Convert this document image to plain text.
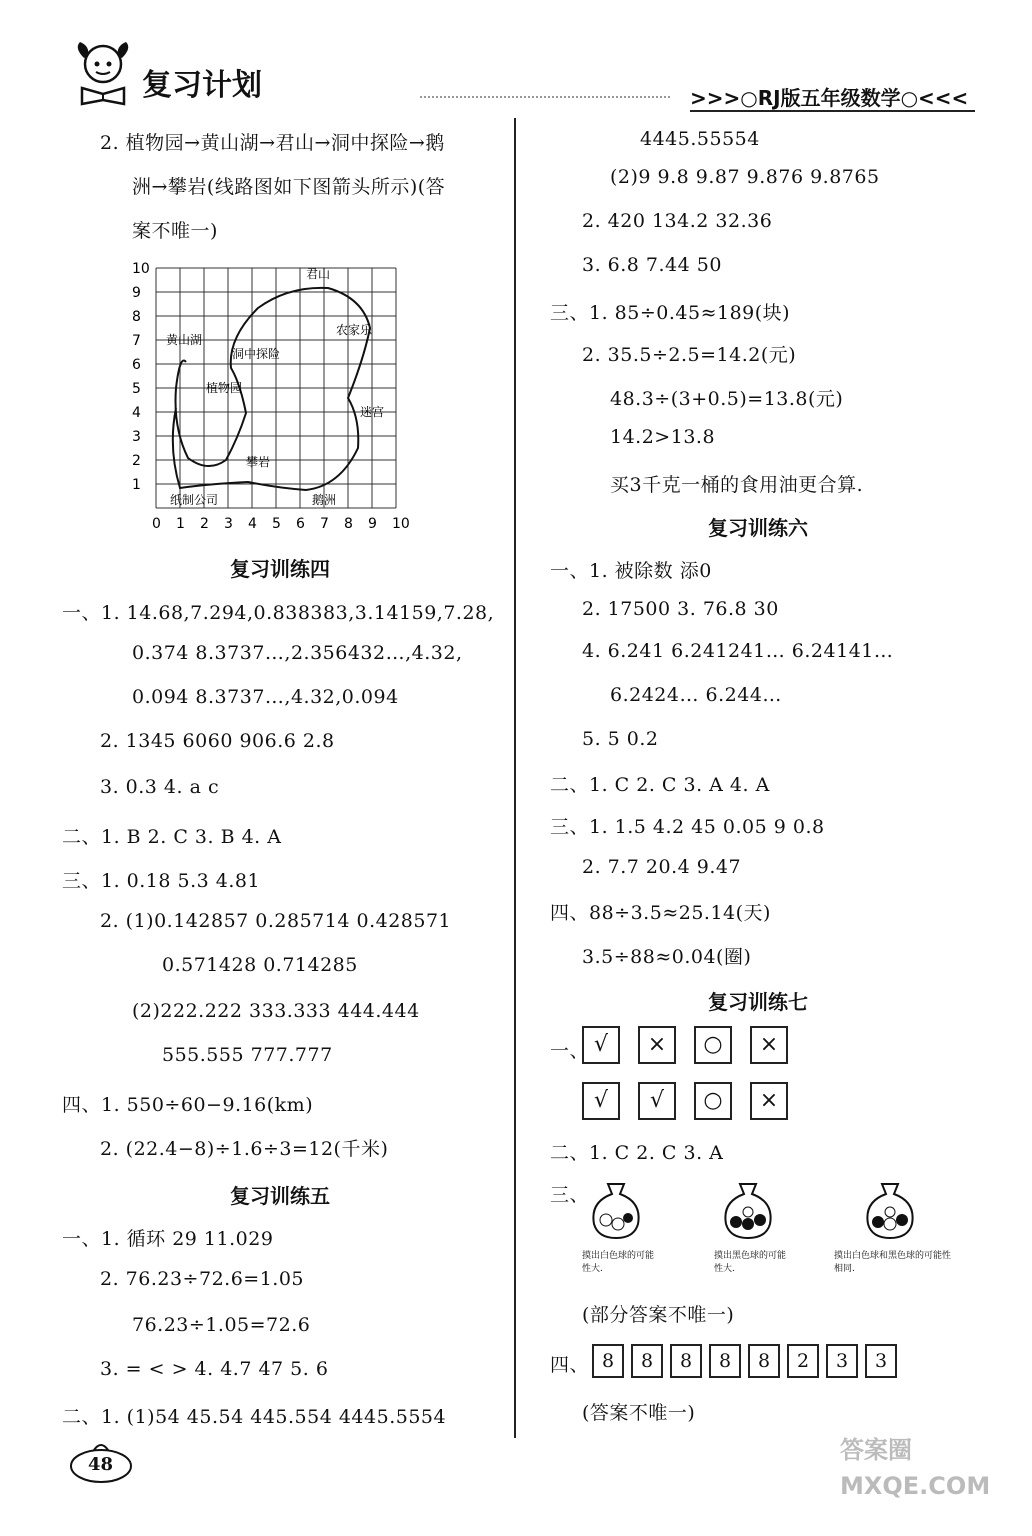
复习计划	>>>○RJ版五年级数学○<<<
2. 植物园→黄山湖→君山→洞中探险→鹅
洲→攀岩(线路图如下图箭头所示)(答
案不唯一)
10
9
8
7
6
5
4
3
2
1
0 1 2 3 4 5 6 7 8 9 10
君山
农家乐
黄山湖
洞中探险
植物园
迷宫
攀岩
纸制公司	鹅洲
复习训练四
一、1. 14.68,7.294,0.838383,3.14159,7.28,
0.374 8.3737…,2.356432…,4.32,
0.094 8.3737…,4.32,0.094
2. 1345 6060 906.6 2.8
3. 0.3 4. a c
二、1. B 2. C 3. B 4. A
三、1. 0.18 5.3 4.81
2. (1)0.142857 0.285714 0.428571
0.571428 0.714285
(2)222.222 333.333 444.444
555.555 777.777
四、1. 550÷60−9.16(km)
2. (22.4−8)÷1.6÷3=12(千米)
复习训练五
一、1. 循环 29 11.029
2. 76.23÷72.6=1.05
76.23÷1.05=72.6
3. = < > 4. 4.7 47 5. 6
二、1. (1)54 45.54 445.554 4445.5554
48
4445.55554
(2)9 9.8 9.87 9.876 9.8765
2. 420 134.2 32.36
3. 6.8 7.44 50
三、1. 85÷0.45≈189(块)
2. 35.5÷2.5=14.2(元)
48.3÷(3+0.5)=13.8(元)
14.2>13.8
买3千克一桶的食用油更合算.
复习训练六
一、1. 被除数 添0
2. 17500 3. 76.8 30
4. 6.241 6.241241… 6.24141…
6.2424… 6.244…
5. 5 0.2
二、1. C 2. C 3. A 4. A
三、1. 1.5 4.2 45 0.05 9 0.8
2. 7.7 20.4 9.47
四、88÷3.5≈25.14(天)
3.5÷88≈0.04(圈)
复习训练七
一、 √ × ○ ×
√ √ ○ ×
二、1. C 2. C 3. A
三、
摸出白色球的可能性大.
摸出黑色球的可能性大.
摸出白色球和黑色球的可能性相同.
(部分答案不唯一)
四、 8 8 8 8 8 2 3 3
(答案不唯一)
答案圈 MXQE.COM
